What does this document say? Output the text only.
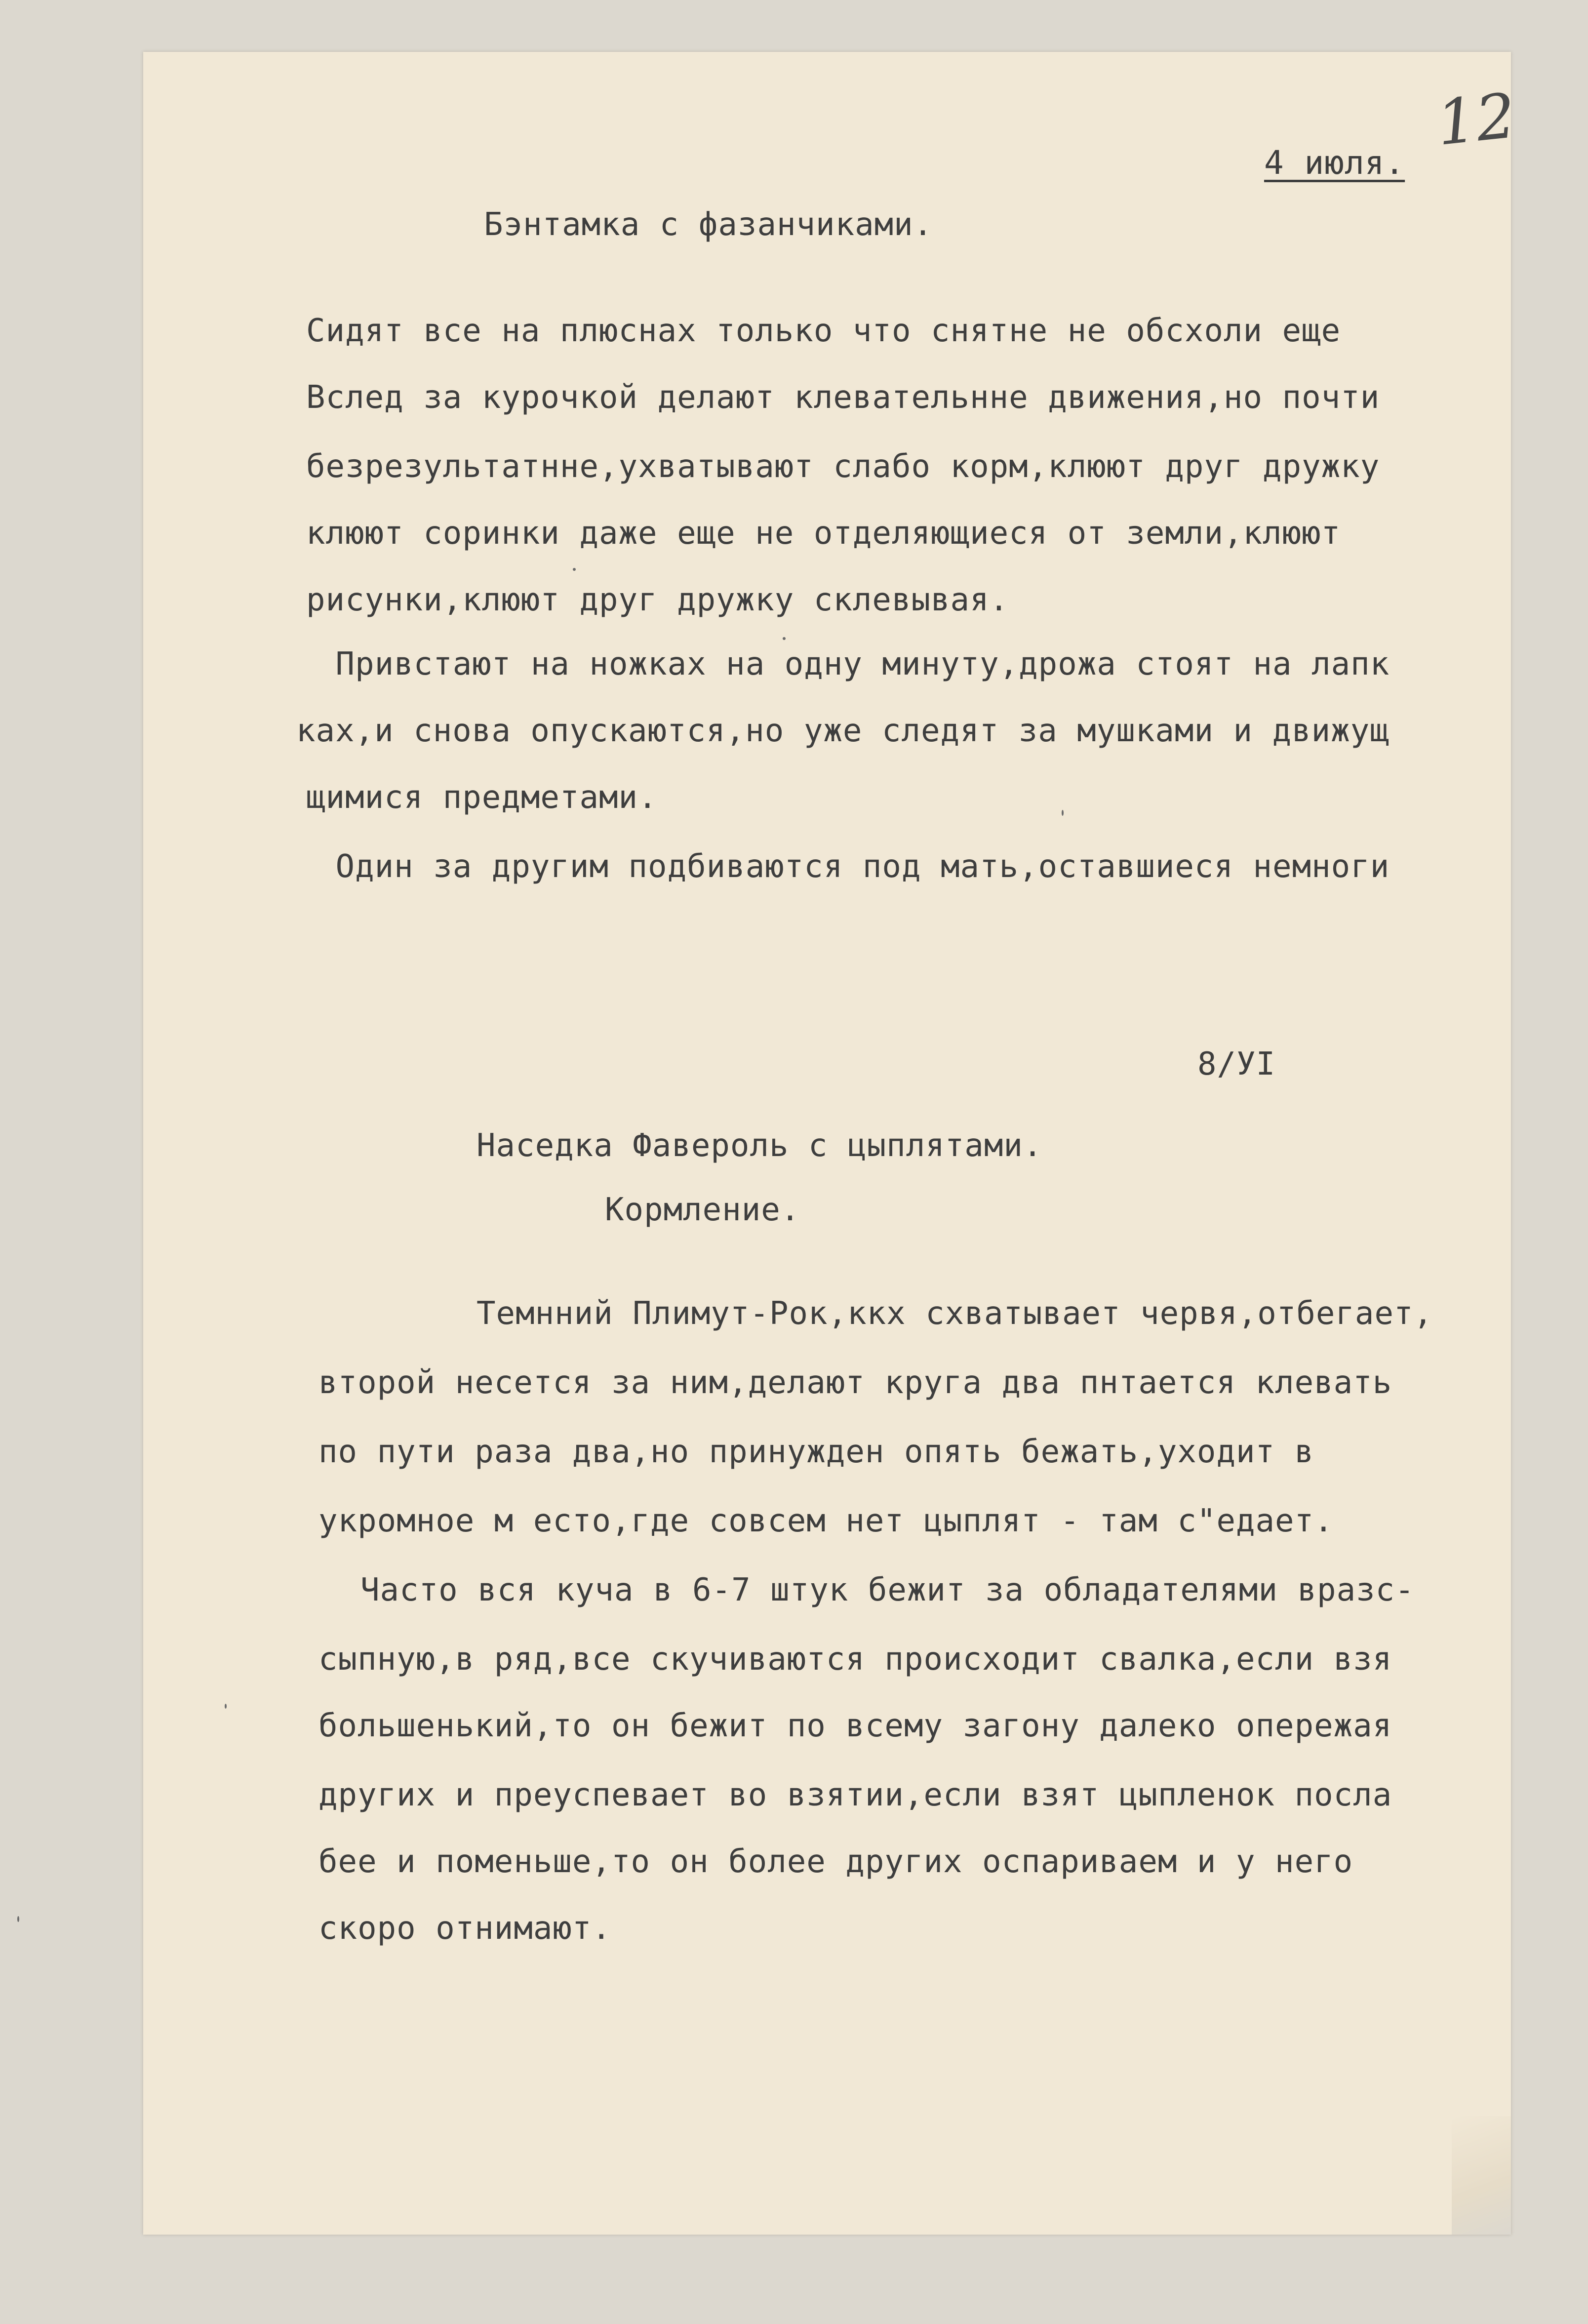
12

4 июля.

Бэнтамка с фазанчиками.

Сидят все на плюснах только что снятне не обсхоли еще

Вслед за курочкой делают клевательнне движения,но почти

безрезультатнне,ухватывают слабо корм,клюют друг дружку

клюют соринки даже еще не отделяющиеся от земли,клюют

рисунки,клюют друг дружку склевывая.

Привстают на ножках на одну минуту,дрожа стоят на лапк

ках,и снова опускаются,но уже следят за мушками и движущ

щимися предметами.

Один за другим подбиваются под мать,оставшиеся немноги

8/УI

Наседка Фавероль с цыплятами.

Кормление.

Темнний Плимут-Рок,ккх схватывает червя,отбегает,

второй несется за ним,делают круга два пнтается клевать

по пути раза два,но принужден опять бежать,уходит в

укромное м есто,где совсем нет цыплят - там с"едает.

Часто вся куча в 6-7 штук бежит за обладателями вразс-

сыпную,в ряд,все скучиваются происходит свалка,если взя

большенький,то он бежит по всему загону далеко опережая

других и преуспевает во взятии,если взят цыпленок посла

бее и поменьше,то он более других оспариваем и у него

скоро отнимают.
